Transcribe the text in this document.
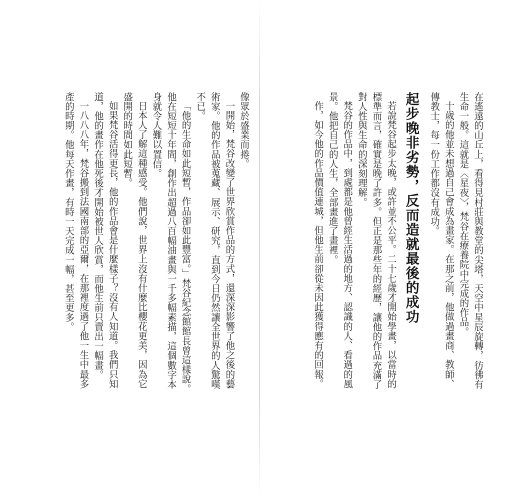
像眾於盛業而捲。

一開始，梵谷改變了世界欣賞作品的方式，還深深影響了他之後的藝術家。他的作品被蒐藏、展示、研究，直到今日仍然讓全世界的人驚嘆不已。

「他的生命如此短暫，作品卻如此豐富。」梵谷紀念館館長曾這樣說。他在短短十年間，創作出超過八百幅油畫與一千多幅素描，這個數字本身就令人難以置信。

日本人了解這種感受。他們說，世界上沒有什麼比櫻花更美，因為它盛開的時間如此短暫。

如果梵谷活得更長，他的作品會是什麼樣子？沒有人知道。我們只知道，他的畫作在他死後才開始被世人欣賞，而他生前只賣出一幅畫。

一八八八年，梵谷搬到法國南部的亞爾，在那裡度過了他一生中最多產的時期。他每天作畫，有時一天完成一幅，甚至更多。	在遙遠的山丘上，看得見村莊與教堂的尖塔，天空中星辰旋轉，彷彿有生命一般。這就是〈星夜〉，梵谷在療養院中完成的作品。

十歲的他並未想過自己會成為畫家。在那之前，他做過畫商、教師、傳教士，每一份工作都沒有成功。

起步晚非劣勢，反而造就最後的成功

若說梵谷起步太晚，或許並不公平。二十七歲才開始學畫，以當時的標準而言，確實是晚了許多。但正是那些年的經歷，讓他的作品充滿了對人性與生命的深刻理解。

梵谷的作品中，到處都是他曾經生活過的地方、認識的人、看過的風景。他把自己的人生，全部畫進了畫裡。

作，如今他的作品價值連城，但他生前卻從未因此獲得應有的回報。
